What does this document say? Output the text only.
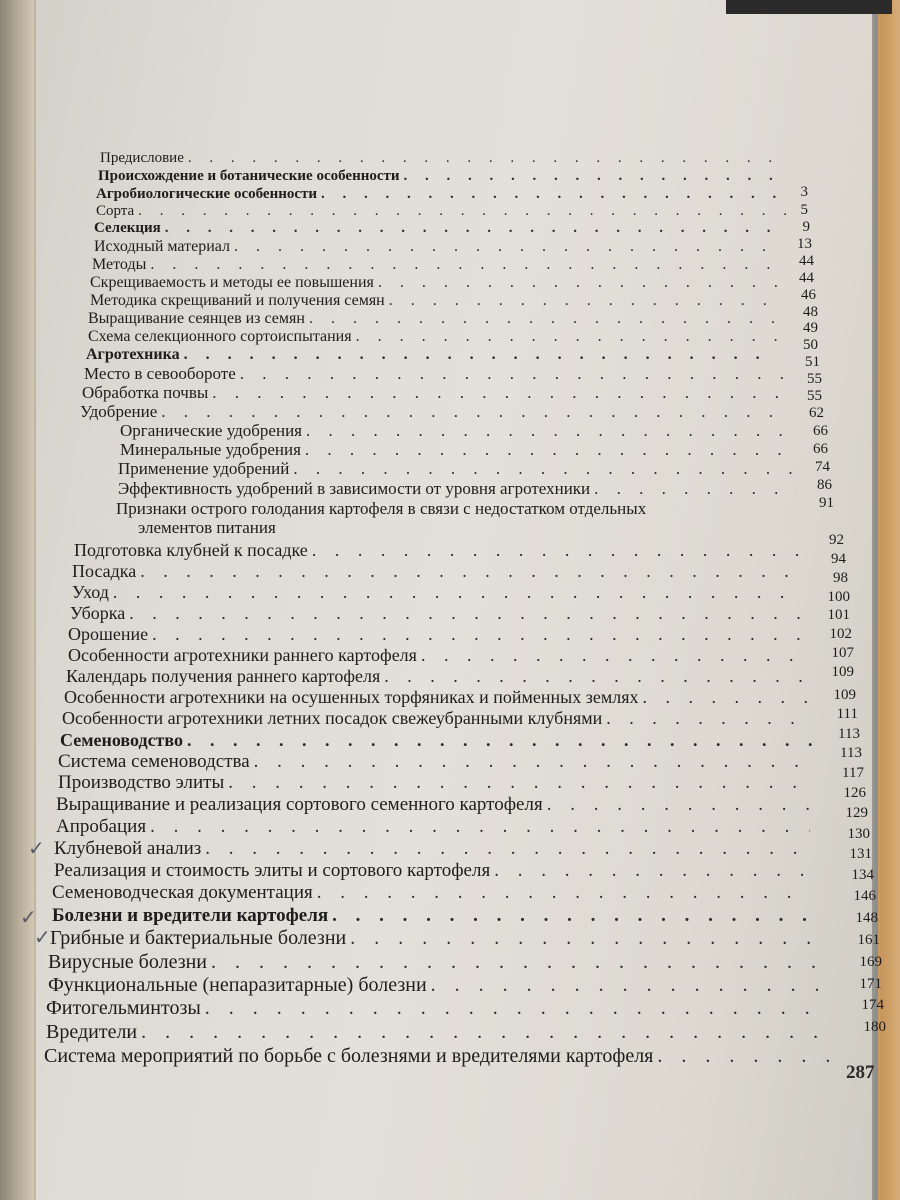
Предисловие
. . .
Происхождение и ботанические особенности
. . .
Агробиологические особенности
. . .
Сорта
. . .
Селекция
. . .
Исходный материал
. . .
Методы
. . .
Скрещиваемость и методы ее повышения
. . .
Методика скрещиваний и получения семян
. . .
Выращивание сеянцев из семян
. . .
Схема селекционного сортоиспытания
. . .
Агротехника
. . .
Место в севообороте
. . .
Обработка почвы
. . .
Удобрение
. . .
Органические удобрения
. . .
Минеральные удобрения
. . .
Применение удобрений
. . .
Эффективность удобрений в зависимости от уровня агротехники
. . .
Признаки острого голодания картофеля в связи с недостатком отдельных
элементов питания
Подготовка клубней к посадке
. . .
Посадка
. . .
Уход
. . .
Уборка
. . .
Орошение
. . .
Особенности агротехники раннего картофеля
. . .
Календарь получения раннего картофеля
. . .
Особенности агротехники на осушенных торфяниках и пойменных землях
. . .
Особенности агротехники летних посадок свежеубранными клубнями
. . .
Семеноводство
. . .
Система семеноводства
. . .
Производство элиты
. . .
Выращивание и реализация сортового семенного картофеля
. . .
Апробация
. . .
Клубневой анализ
. . .
Реализация и стоимость элиты и сортового картофеля
. . .
Семеноводческая документация
. . .
Болезни и вредители картофеля
. . .
Грибные и бактериальные болезни
. . .
Вирусные болезни
. . .
Функциональные (непаразитарные) болезни
. . .
Фитогельминтозы
. . .
Вредители
. . .
Система мероприятий по борьбе с болезнями и вредителями картофеля
. . .
3
5
9
13
44
44
46
48
49
50
51
55
55
62
66
66
74
86
91
92
94
98
100
101
102
107
109
109
111
113
113
117
126
129
130
131
134
146
148
161
169
171
174
180
✓
✓
✓
287
